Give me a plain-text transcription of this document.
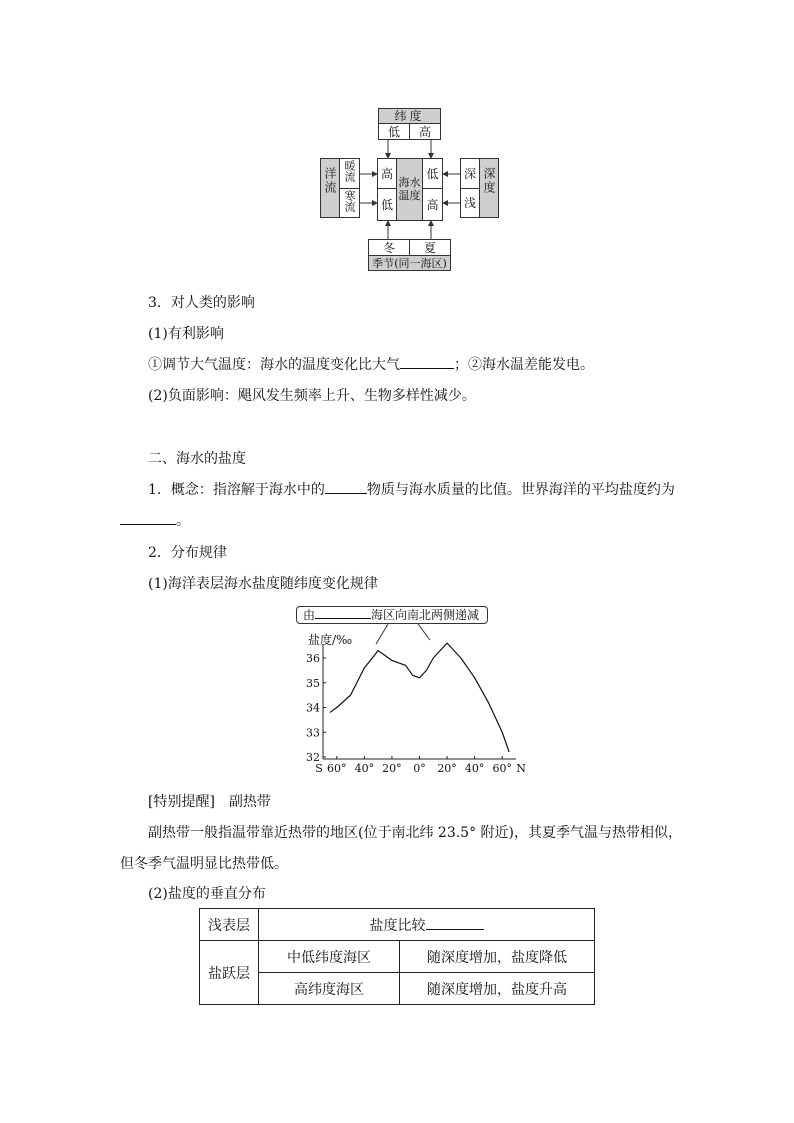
纬度
低	高
洋流 暖流
寒流
高
低
海水温度
低
高
深
浅
深度
冬	夏
季节(同一海区)
3．对人类的影响
(1)有利影响
①调节大气温度：海水的温度变化比大气	；②海水温差能发电。
(2)负面影响：飓风发生频率上升、生物多样性减少。
二、海水的盐度
1．概念：指溶解于海水中的	物质与海水质量的比值。世界海洋的平均盐度约为
。
2．分布规律
(1)海洋表层海水盐度随纬度变化规律
由	海区向南北两侧递减
盐度/‰
36
35
34
33
32
S 60° 40° 20° 0° 20° 40° 60° N
[特别提醒]　副热带
副热带一般指温带靠近热带的地区(位于南北纬 23.5° 附近)，其夏季气温与热带相似，
但冬季气温明显比热带低。
(2)盐度的垂直分布
浅表层	盐度比较	
盐跃层	中低纬度海区	随深度增加，盐度降低
	高纬度海区	随深度增加，盐度升高
